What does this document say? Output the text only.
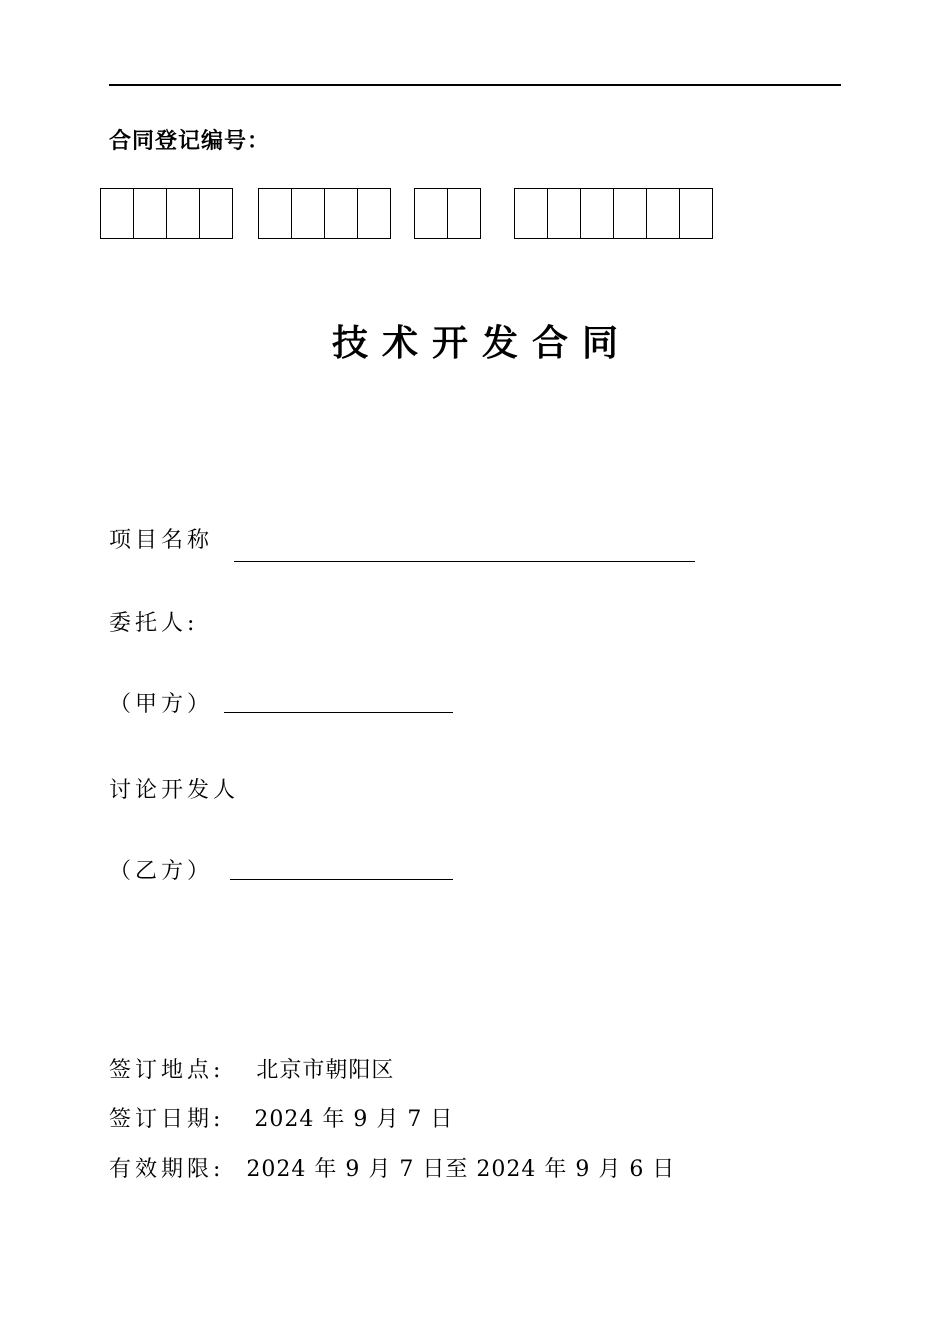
合同登记编号：
技术开发合同
项目名称
委托人:
（甲方）
讨论开发人
（乙方）
签订地点: 北京市朝阳区
签订日期: 2024 年 9 月 7 日
有效期限: 2024 年 9 月 7 日至 2024 年 9 月 6 日
